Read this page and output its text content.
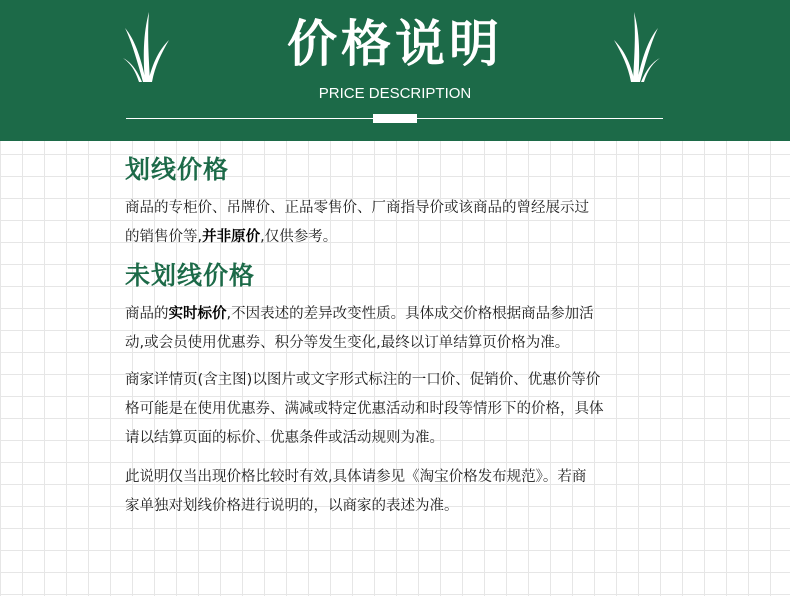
价格说明
PRICE DESCRIPTION
划线价格

商品的专柜价、吊牌价、正品零售价、厂商指导价或该商品的曾经展示过
的销售价等,并非原价,仅供参考。

未划线价格

商品的实时标价,不因表述的差异改变性质。具体成交价格根据商品参加活
动,或会员使用优惠券、积分等发生变化,最终以订单结算页价格为准。

商家详情页(含主图)以图片或文字形式标注的一口价、促销价、优惠价等价
格可能是在使用优惠券、满减或特定优惠活动和时段等情形下的价格，具体
请以结算页面的标价、优惠条件或活动规则为准。

此说明仅当出现价格比较时有效,具体请参见《淘宝价格发布规范》。若商
家单独对划线价格进行说明的，以商家的表述为准。
